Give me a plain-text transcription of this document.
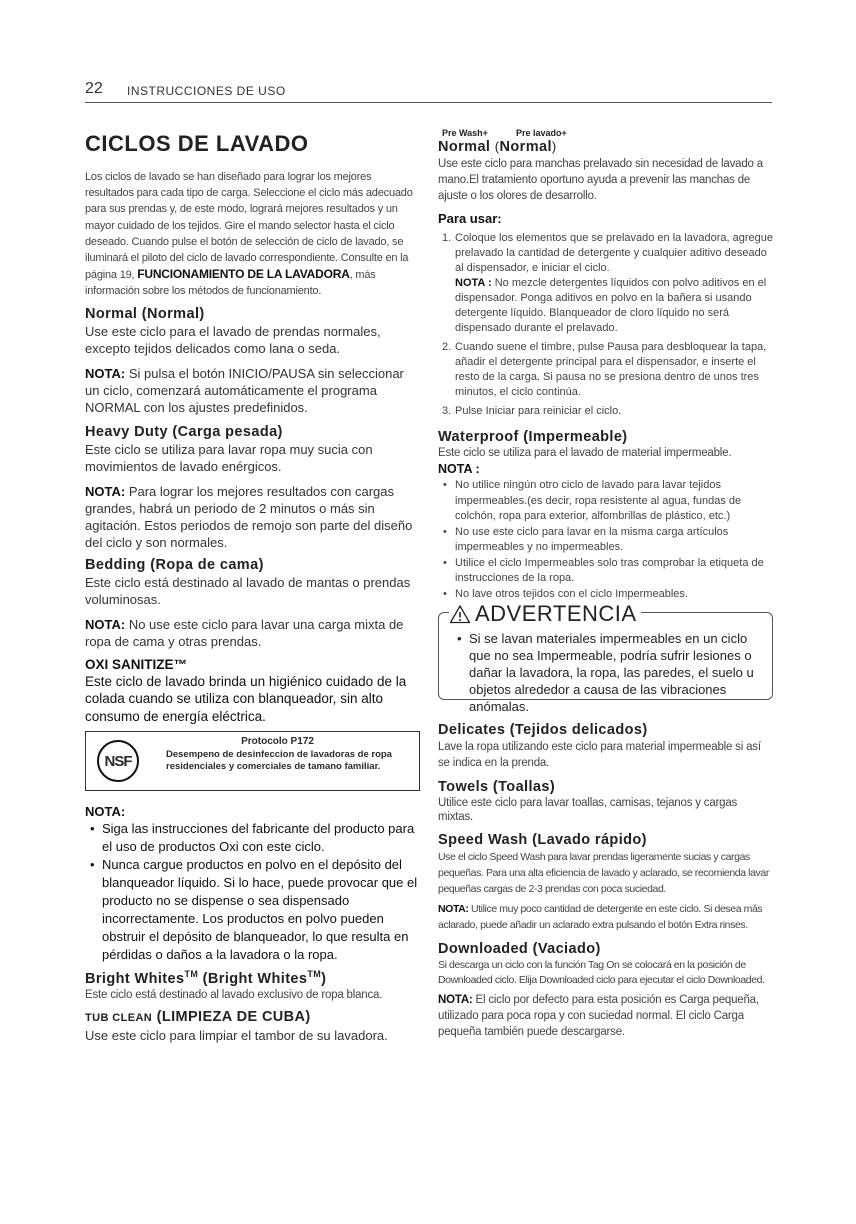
22 INSTRUCCIONES DE USO
CICLOS DE LAVADO

Los ciclos de lavado se han diseñado para lograr los mejores resultados para cada tipo de carga. Seleccione el ciclo más adecuado para sus prendas y, de este modo, logrará mejores resultados y un mayor cuidado de los tejidos. Gire el mando selector hasta el ciclo deseado. Cuando pulse el botón de selección de ciclo de lavado, se iluminará el piloto del ciclo de lavado correspondiente. Consulte en la página 19, FUNCIONAMIENTO DE LA LAVADORA, más información sobre los métodos de funcionamiento.

Normal (Normal)

Use este ciclo para el lavado de prendas normales, excepto tejidos delicados como lana o seda.

NOTA: Si pulsa el botón INICIO/PAUSA sin seleccionar un ciclo, comenzará automáticamente el programa NORMAL con los ajustes predefinidos.

Heavy Duty (Carga pesada)

Este ciclo se utiliza para lavar ropa muy sucia con movimientos de lavado enérgicos.

NOTA: Para lograr los mejores resultados con cargas grandes, habrá un periodo de 2 minutos o más sin agitación. Estos periodos de remojo son parte del diseño del ciclo y son normales.

Bedding (Ropa de cama)

Este ciclo está destinado al lavado de mantas o prendas voluminosas.

NOTA: No use este ciclo para lavar una carga mixta de ropa de cama y otras prendas.

OXI SANITIZE™

Este ciclo de lavado brinda un higiénico cuidado de la colada cuando se utiliza con blanqueador, sin alto consumo de energía eléctrica.

NSF
Protocolo P172
Desempeno de desinfeccion de lavadoras de ropa residenciales y comerciales de tamano familiar.
NOTA:
• Siga las instrucciones del fabricante del producto para el uso de productos Oxi con este ciclo.
• Nunca cargue productos en polvo en el depósito del blanqueador líquido. Si lo hace, puede provocar que el producto no se dispense o sea dispensado incorrectamente. Los productos en polvo pueden obstruir el depósito de blanqueador, lo que resulta en pérdidas o daños a la lavadora o la ropa.
Bright Whites™ (Bright Whites™)

Este ciclo está destinado al lavado exclusivo de ropa blanca.

TUB CLEAN (LIMPIEZA DE CUBA)

Use este ciclo para limpiar el tambor de su lavadora.

Pre Wash+	Pre lavado+
Normal (Normal)

Use este ciclo para manchas prelavado sin necesidad de lavado a mano.El tratamiento oportuno ayuda a prevenir las manchas de ajuste o los olores de desarrollo.

Para usar:
1. Coloque los elementos que se prelavado en la lavadora, agregue prelavado la cantidad de detergente y cualquier aditivo deseado al dispensador, e iniciar el ciclo.
NOTA : No mezcle detergentes líquidos con polvo aditivos en el dispensador. Ponga aditivos en polvo en la bañera si usando detergente líquido. Blanqueador de cloro líquido no será dispensado durante el prelavado.
2. Cuando suene el timbre, pulse Pausa para desbloquear la tapa, añadir el detergente principal para el dispensador, e inserte el resto de la carga. Si pausa no se presiona dentro de unos tres minutos, el ciclo continúa.
3. Pulse Iniciar para reiniciar el ciclo.
Waterproof (Impermeable)

Este ciclo se utiliza para el lavado de material impermeable.

NOTA :
• No utilice ningún otro ciclo de lavado para lavar tejidos impermeables.(es decir, ropa resistente al agua, fundas de colchón, ropa para exterior, alfombrillas de plástico, etc.)
• No use este ciclo para lavar en la misma carga artículos impermeables y no impermeables.
• Utilice el ciclo Impermeables solo tras comprobar la etiqueta de instrucciones de la ropa.
• No lave otros tejidos con el ciclo Impermeables.
ADVERTENCIA
• Si se lavan materiales impermeables en un ciclo que no sea Impermeable, podría sufrir lesiones o dañar la lavadora, la ropa, las paredes, el suelo u objetos alrededor a causa de las vibraciones anómalas.
Delicates (Tejidos delicados)

Lave la ropa utilizando este ciclo para material impermeable si así se indica en la prenda.

Towels (Toallas)

Utilice este ciclo para lavar toallas, camisas, tejanos y cargas mixtas.

Speed Wash (Lavado rápido)

Use el ciclo Speed Wash para lavar prendas ligeramente sucias y cargas pequeñas. Para una alta eficiencia de lavado y aclarado, se recomienda lavar pequeñas cargas de 2-3 prendas con poca suciedad.

NOTA: Utilice muy poco cantidad de detergente en este ciclo. Si desea más aclarado, puede añadir un aclarado extra pulsando el botón Extra rinses.

Downloaded (Vaciado)

Si descarga un ciclo con la función Tag On se colocará en la posición de Downloaded ciclo. Elija Downloaded ciclo para ejecutar el ciclo Downloaded.

NOTA: El ciclo por defecto para esta posición es Carga pequeña, utilizado para poca ropa y con suciedad normal. El ciclo Carga pequeña también puede descargarse.
